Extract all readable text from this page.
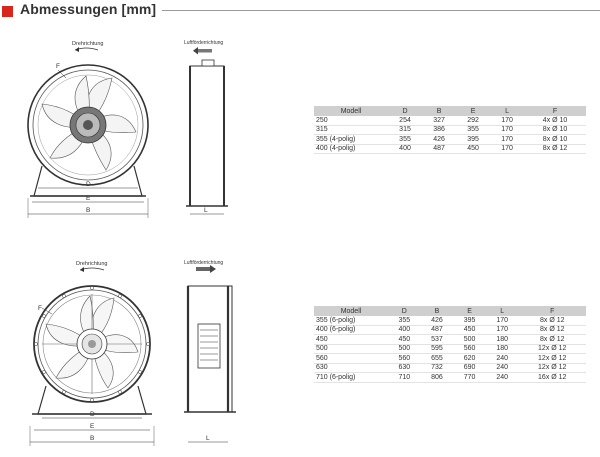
Abmessungen [mm]
Drehrichtung
F
D
E
B
Luftförderrichtung
L
Modell	D	B	E	L	F
250	254	327	292	170	4x Ø 10
315	315	386	355	170	8x Ø 10
355 (4-polig)	355	426	395	170	8x Ø 10
400 (4-polig)	400	487	450	170	8x Ø 12
Drehrichtung
F
D
E
B
Luftförderrichtung
L
Modell	D	B	E	L	F
355 (6-polig)	355	426	395	170	8x Ø 12
400 (6-polig)	400	487	450	170	8x Ø 12
450	450	537	500	180	8x Ø 12
500	500	595	560	180	12x Ø 12
560	560	655	620	240	12x Ø 12
630	630	732	690	240	12x Ø 12
710 (6-polig)	710	806	770	240	16x Ø 12
